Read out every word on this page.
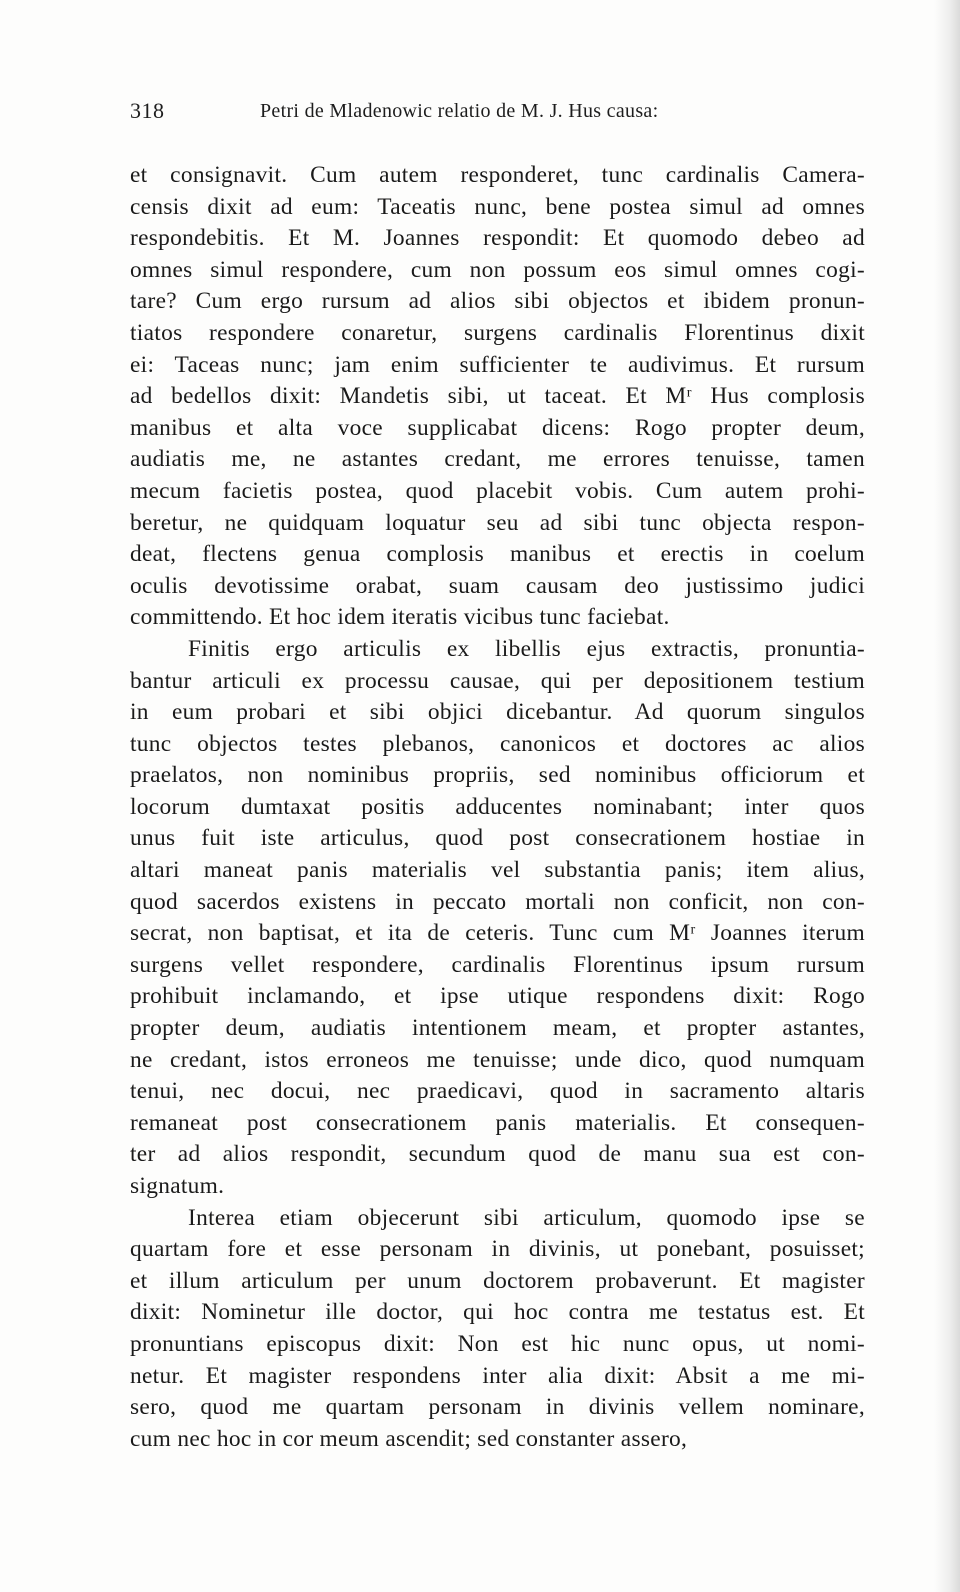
318	Petri de Mladenowic relatio de M. J. Hus causa:

et consignavit. Cum autem responderet, tunc cardinalis Camera-
censis dixit ad eum: Taceatis nunc, bene postea simul ad omnes
respondebitis. Et M. Joannes respondit: Et quomodo debeo ad
omnes simul respondere, cum non possum eos simul omnes cogi-
tare? Cum ergo rursum ad alios sibi objectos et ibidem pronun-
tiatos respondere conaretur, surgens cardinalis Florentinus dixit
ei: Taceas nunc; jam enim sufficienter te audivimus. Et rursum
ad bedellos dixit: Mandetis sibi, ut taceat. Et Mʳ Hus complosis
manibus et alta voce supplicabat dicens: Rogo propter deum,
audiatis me, ne astantes credant, me errores tenuisse, tamen
mecum facietis postea, quod placebit vobis. Cum autem prohi-
beretur, ne quidquam loquatur seu ad sibi tunc objecta respon-
deat, flectens genua complosis manibus et erectis in coelum
oculis devotissime orabat, suam causam deo justissimo judici
committendo. Et hoc idem iteratis vicibus tunc faciebat.

Finitis ergo articulis ex libellis ejus extractis, pronuntia-
bantur articuli ex processu causae, qui per depositionem testium
in eum probari et sibi objici dicebantur. Ad quorum singulos
tunc objectos testes plebanos, canonicos et doctores ac alios
praelatos, non nominibus propriis, sed nominibus officiorum et
locorum dumtaxat positis adducentes nominabant; inter quos
unus fuit iste articulus, quod post consecrationem hostiae in
altari maneat panis materialis vel substantia panis; item alius,
quod sacerdos existens in peccato mortali non conficit, non con-
secrat, non baptisat, et ita de ceteris. Tunc cum Mʳ Joannes iterum
surgens vellet respondere, cardinalis Florentinus ipsum rursum
prohibuit inclamando, et ipse utique respondens dixit: Rogo
propter deum, audiatis intentionem meam, et propter astantes,
ne credant, istos erroneos me tenuisse; unde dico, quod numquam
tenui, nec docui, nec praedicavi, quod in sacramento altaris
remaneat post consecrationem panis materialis. Et consequen-
ter ad alios respondit, secundum quod de manu sua est con-
signatum.

Interea etiam objecerunt sibi articulum, quomodo ipse se
quartam fore et esse personam in divinis, ut ponebant, posuisset;
et illum articulum per unum doctorem probaverunt. Et magister
dixit: Nominetur ille doctor, qui hoc contra me testatus est. Et
pronuntians episcopus dixit: Non est hic nunc opus, ut nomi-
netur. Et magister respondens inter alia dixit: Absit a me mi-
sero, quod me quartam personam in divinis vellem nominare,
cum nec hoc in cor meum ascendit; sed constanter assero,
